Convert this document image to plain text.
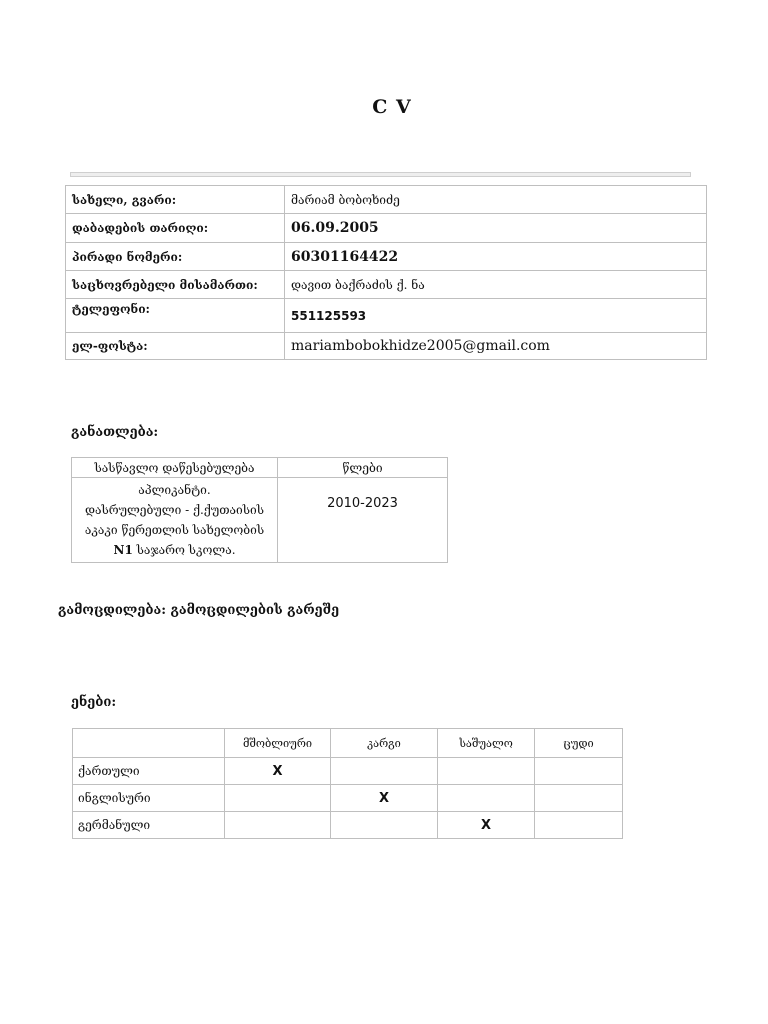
C V
სახელი, გვარი:	მარიამ ბობოხიძე
დაბადების თარიღი:	06.09.2005
პირადი ნომერი:	60301164422
საცხოვრებელი მისამართი:	დავით ბაქრაძის ქ. ნა
ტელეფონი:	551125593
ელ-ფოსტა:	mariambobokhidze2005@gmail.com
განათლება:
სასწავლო დაწესებულება	წლები

აპლიკანტი.
დასრულებული - ქ.ქუთაისის
აკაკი წერეთლის სახელობის
N1 საჯარო სკოლა.	2010-2023
გამოცდილება: გამოცდილების გარეშე
ენები:
	მშობლიური	კარგი	საშუალო	ცუდი
ქართული	X			
ინგლისური		X		
გერმანული			X	
